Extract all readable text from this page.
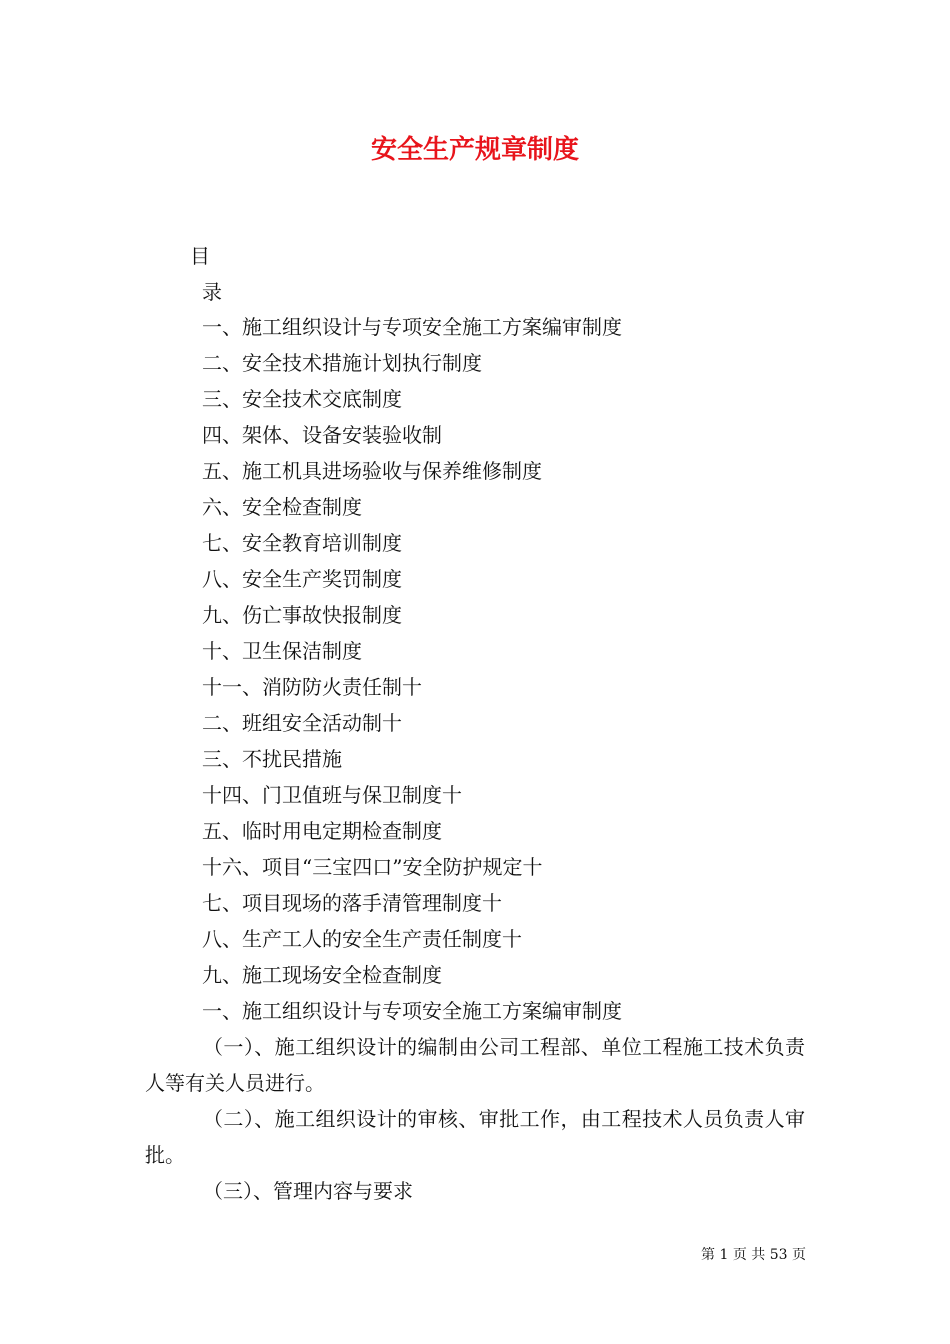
安全生产规章制度
目
录
一、施工组织设计与专项安全施工方案编审制度
二、安全技术措施计划执行制度
三、安全技术交底制度
四、架体、设备安装验收制
五、施工机具进场验收与保养维修制度
六、安全检查制度
七、安全教育培训制度
八、安全生产奖罚制度
九、伤亡事故快报制度
十、卫生保洁制度
十一、消防防火责任制十
二、班组安全活动制十
三、不扰民措施
十四、门卫值班与保卫制度十
五、临时用电定期检查制度
十六、项目“三宝四口”安全防护规定十
七、项目现场的落手清管理制度十
八、生产工人的安全生产责任制度十
九、施工现场安全检查制度
一、施工组织设计与专项安全施工方案编审制度

（一）、施工组织设计的编制由公司工程部、单位工程施工技术负责人等有关人员进行。

（二）、施工组织设计的审核、审批工作，由工程技术人员负责人审批。

（三）、管理内容与要求

第 1 页 共 53 页
